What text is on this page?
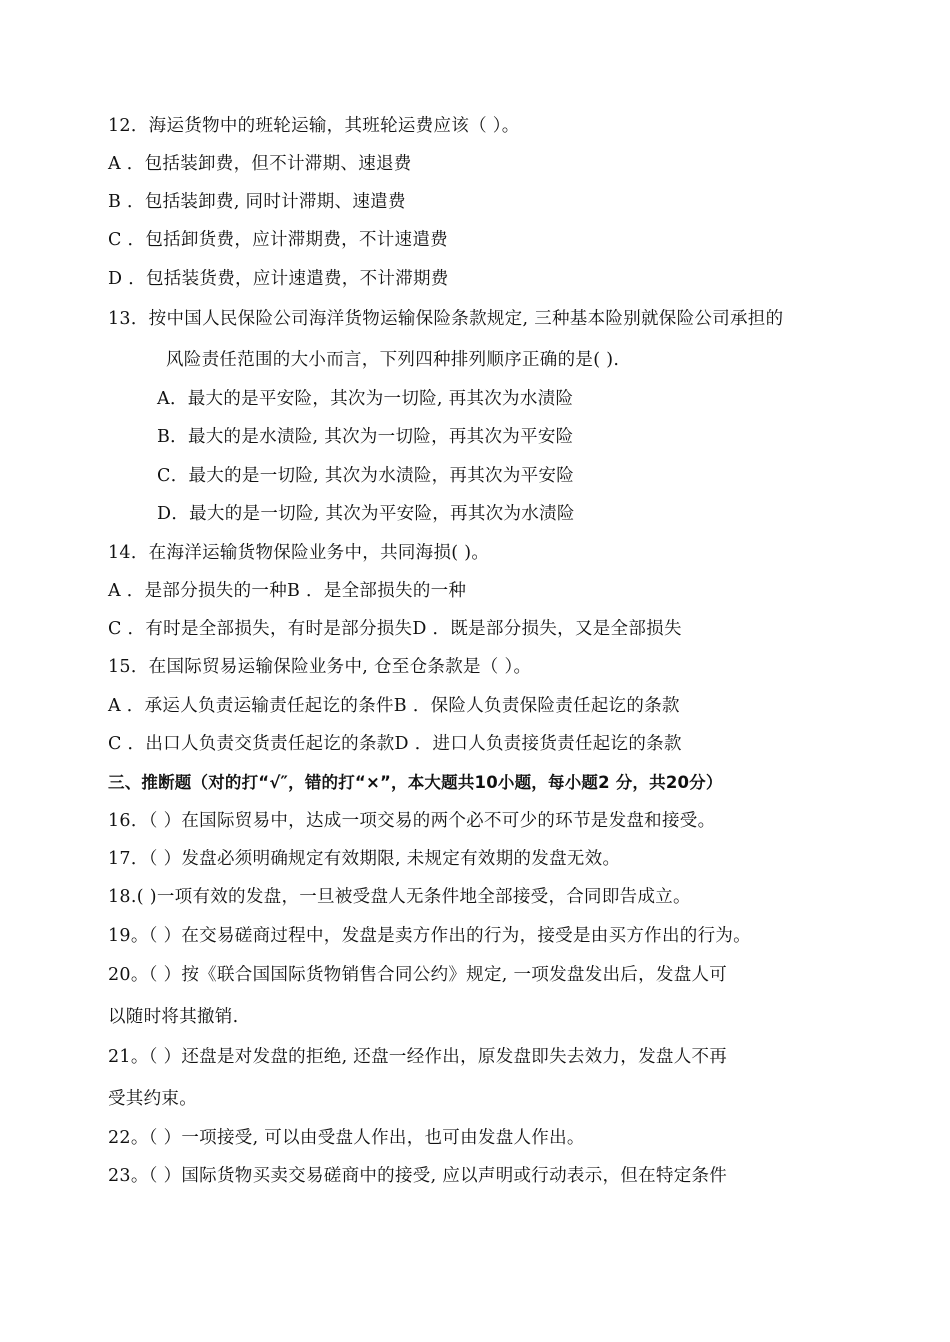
12．海运货物中的班轮运输，其班轮运费应该（ ）。
A ．包括装卸费，但不计滞期、速退费
B ．包括装卸费, 同时计滞期、速遣费
C ．包括卸货费，应计滞期费，不计速遣费
D ．包括装货费，应计速遣费，不计滞期费
13．按中国人民保险公司海洋货物运输保险条款规定, 三种基本险别就保险公司承担的
风险责任范围的大小而言，下列四种排列顺序正确的是( ).
A．最大的是平安险，其次为一切险, 再其次为水渍险
B．最大的是水渍险, 其次为一切险，再其次为平安险
C．最大的是一切险, 其次为水渍险，再其次为平安险
D．最大的是一切险, 其次为平安险，再其次为水渍险
14．在海洋运输货物保险业务中，共同海损( )。
A ．是部分损失的一种B ．是全部损失的一种
C ．有时是全部损失，有时是部分损失D ．既是部分损失，又是全部损失
15．在国际贸易运输保险业务中, 仓至仓条款是（ ）。
A ．承运人负责运输责任起讫的条件B ．保险人负责保险责任起讫的条款
C ．出口人负责交货责任起讫的条款D ．进口人负责接货责任起讫的条款
三、推断题（对的打“√″，错的打“×”，本大题共10小题，每小题2 分，共20分）
16．（ ）在国际贸易中，达成一项交易的两个必不可少的环节是发盘和接受。
17．（ ）发盘必须明确规定有效期限, 未规定有效期的发盘无效。
18.( )一项有效的发盘，一旦被受盘人无条件地全部接受，合同即告成立。
19。（ ）在交易磋商过程中，发盘是卖方作出的行为，接受是由买方作出的行为。
20。（ ）按《联合国国际货物销售合同公约》规定, 一项发盘发出后，发盘人可
以随时将其撤销.
21。（ ）还盘是对发盘的拒绝, 还盘一经作出，原发盘即失去效力，发盘人不再
受其约束。
22。（ ）一项接受, 可以由受盘人作出，也可由发盘人作出。
23。（ ）国际货物买卖交易磋商中的接受, 应以声明或行动表示，但在特定条件
